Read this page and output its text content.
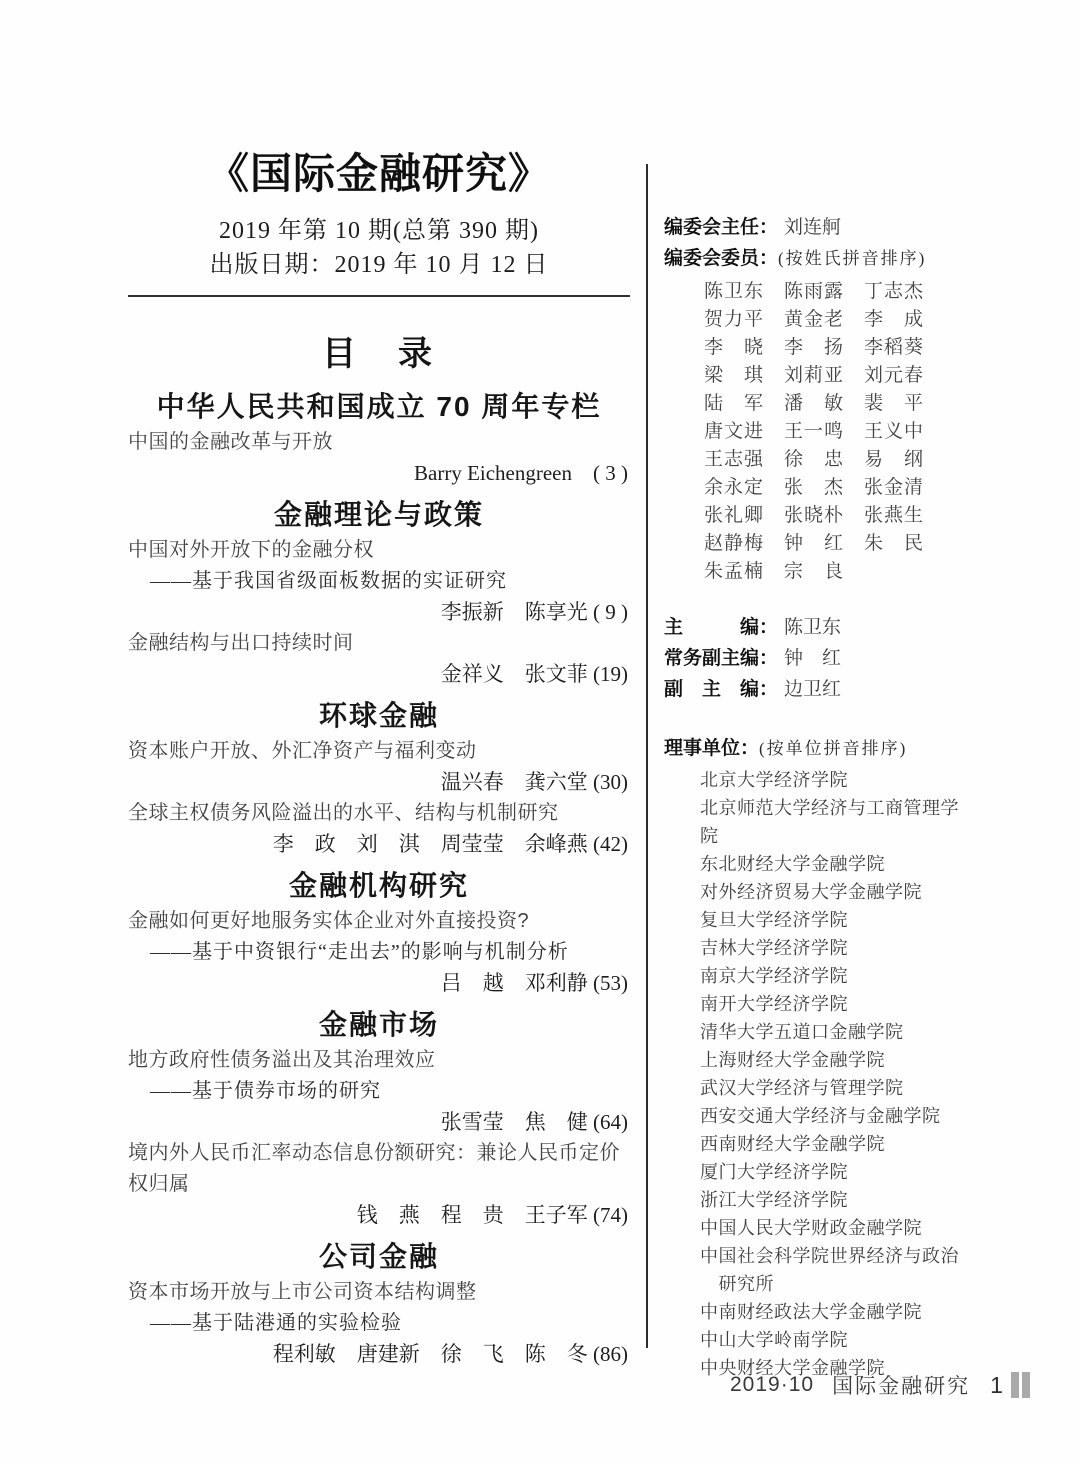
《国际金融研究》
2019 年第 10 期(总第 390 期)
出版日期：2019 年 10 月 12 日
目　录
中华人民共和国成立 70 周年专栏
中国的金融改革与开放
Barry Eichengreen　( 3 )
金融理论与政策
中国对外开放下的金融分权
——基于我国省级面板数据的实证研究
李振新　陈享光 ( 9 )
金融结构与出口持续时间
金祥义　张文菲 (19)
环球金融
资本账户开放、外汇净资产与福利变动
温兴春　龚六堂 (30)
全球主权债务风险溢出的水平、结构与机制研究
李　政　刘　淇　周莹莹　余峰燕 (42)
金融机构研究
金融如何更好地服务实体企业对外直接投资?
——基于中资银行“走出去”的影响与机制分析
吕　越　邓利静 (53)
金融市场
地方政府性债务溢出及其治理效应
——基于债券市场的研究
张雪莹　焦　健 (64)
境内外人民币汇率动态信息份额研究：兼论人民币定价权归属
钱　燕　程　贵　王子军 (74)
公司金融
资本市场开放与上市公司资本结构调整
——基于陆港通的实验检验
程利敏　唐建新　徐　飞　陈　冬 (86)
编委会主任： 刘连舸
编委会委员：(按姓氏拼音排序)
陈卫东　陈雨露　丁志杰
贺力平　黄金老　李　成
李　晓　李　扬　李稻葵
梁　琪　刘莉亚　刘元春
陆　军　潘　敏　裴　平
唐文进　王一鸣　王义中
王志强　徐　忠　易　纲
余永定　张　杰　张金清
张礼卿　张晓朴　张燕生
赵静梅　钟　红　朱　民
朱孟楠　宗　良
主　　　编： 陈卫东
常务副主编： 钟　红
副　主　编： 边卫红
理事单位：(按单位拼音排序)
北京大学经济学院
北京师范大学经济与工商管理学院
东北财经大学金融学院
对外经济贸易大学金融学院
复旦大学经济学院
吉林大学经济学院
南京大学经济学院
南开大学经济学院
清华大学五道口金融学院
上海财经大学金融学院
武汉大学经济与管理学院
西安交通大学经济与金融学院
西南财经大学金融学院
厦门大学经济学院
浙江大学经济学院
中国人民大学财政金融学院
中国社会科学院世界经济与政治
　研究所
中南财经政法大学金融学院
中山大学岭南学院
中央财经大学金融学院
2019·10 国际金融研究 1
